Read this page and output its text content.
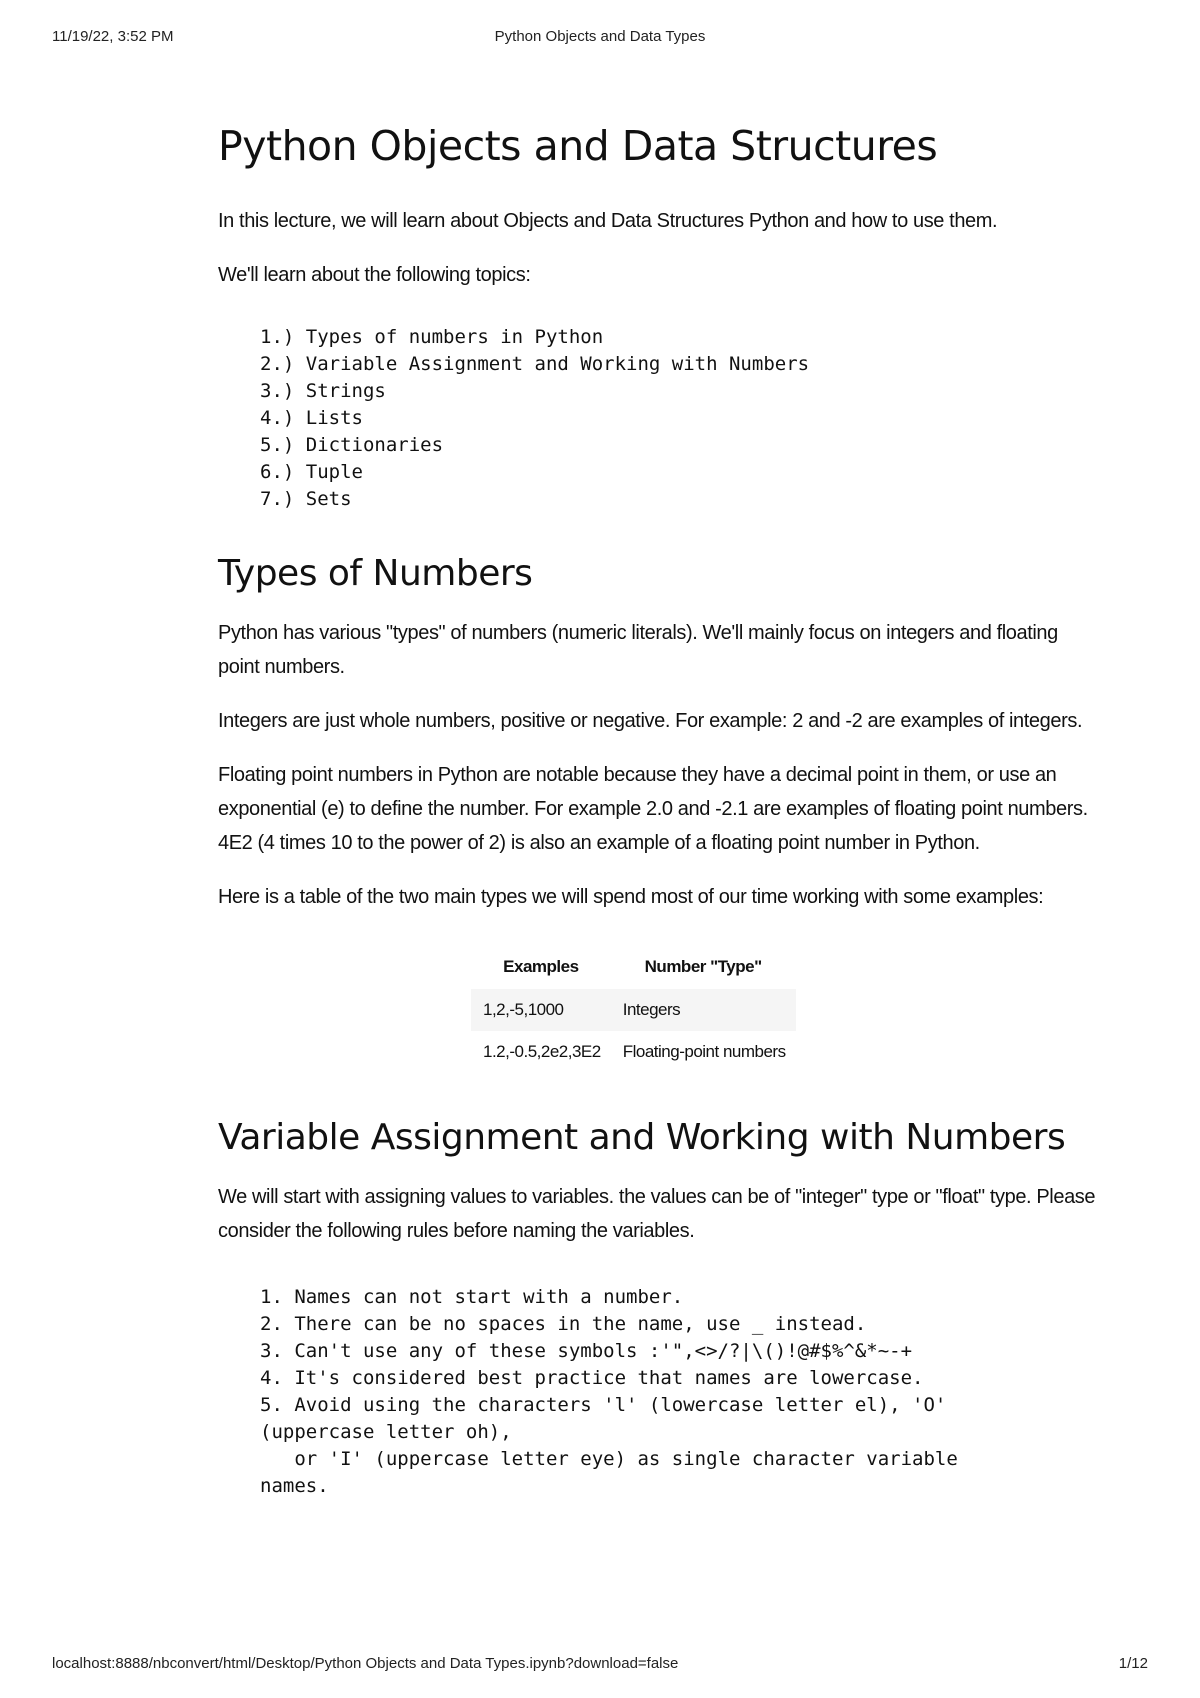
11/19/22, 3:52 PM	Python Objects and Data Types
Python Objects and Data Structures

In this lecture, we will learn about Objects and Data Structures Python and how to use them.

We'll learn about the following topics:

1.) Types of numbers in Python
2.) Variable Assignment and Working with Numbers
3.) Strings
4.) Lists
5.) Dictionaries
6.) Tuple
7.) Sets
Types of Numbers

Python has various "types" of numbers (numeric literals). We'll mainly focus on integers and floating point numbers.

Integers are just whole numbers, positive or negative. For example: 2 and -2 are examples of integers.

Floating point numbers in Python are notable because they have a decimal point in them, or use an exponential (e) to define the number. For example 2.0 and -2.1 are examples of floating point numbers. 4E2 (4 times 10 to the power of 2) is also an example of a floating point number in Python.

Here is a table of the two main types we will spend most of our time working with some examples:

Examples	Number "Type"
1,2,-5,1000	Integers
1.2,-0.5,2e2,3E2	Floating-point numbers
Variable Assignment and Working with Numbers

We will start with assigning values to variables. the values can be of "integer" type or "float" type. Please consider the following rules before naming the variables.

1. Names can not start with a number.
2. There can be no spaces in the name, use _ instead.
3. Can't use any of these symbols :'",<>/?|\()!@#$%^&*~-+
4. It's considered best practice that names are lowercase.
5. Avoid using the characters 'l' (lowercase letter el), 'O'
(uppercase letter oh),
or 'I' (uppercase letter eye) as single character variable
names.
localhost:8888/nbconvert/html/Desktop/Python Objects and Data Types.ipynb?download=false	1/12
